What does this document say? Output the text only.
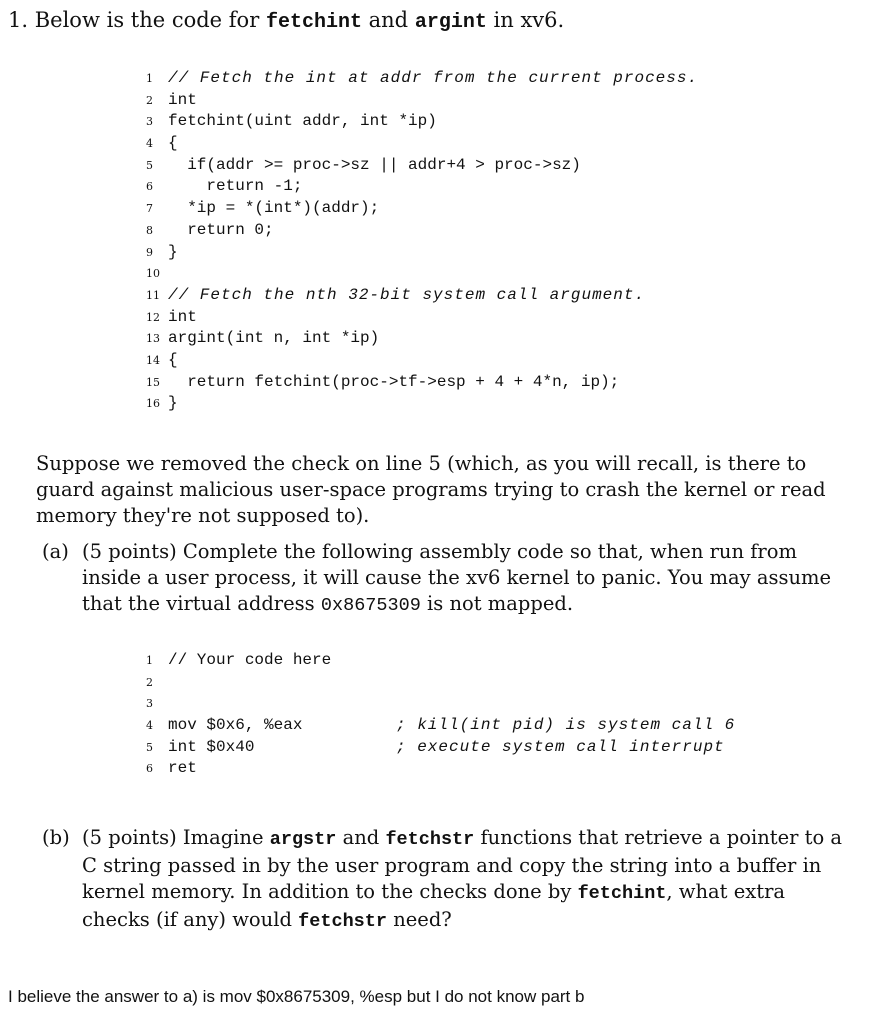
1. Below is the code for fetchint and argint in xv6.
1 // Fetch the int at addr from the current process.
2 int
3 fetchint(uint addr, int *ip)
4 {
5  if(addr >= proc->sz || addr+4 > proc->sz)
6    return -1;
7  *ip = *(int*)(addr);
8  return 0;
9 }
10
11 // Fetch the nth 32-bit system call argument.
12 int
13 argint(int n, int *ip)
14 {
15  return fetchint(proc->tf->esp + 4 + 4*n, ip);
16 }
Suppose we removed the check on line 5 (which, as you will recall, is there to guard against malicious user-space programs trying to crash the kernel or read memory they're not supposed to).
(a) (5 points) Complete the following assembly code so that, when run from inside a user process, it will cause the xv6 kernel to panic. You may assume that the virtual address 0x8675309 is not mapped.
1 // Your code here
2
3
4 mov $0x6, %eax	; kill(int pid) is system call 6
5 int $0x40	; execute system call interrupt
6 ret
(b) (5 points) Imagine argstr and fetchstr functions that retrieve a pointer to a C string passed in by the user program and copy the string into a buffer in kernel memory. In addition to the checks done by fetchint, what extra checks (if any) would fetchstr need?
I believe the answer to a) is mov $0x8675309, %esp but I do not know part b
